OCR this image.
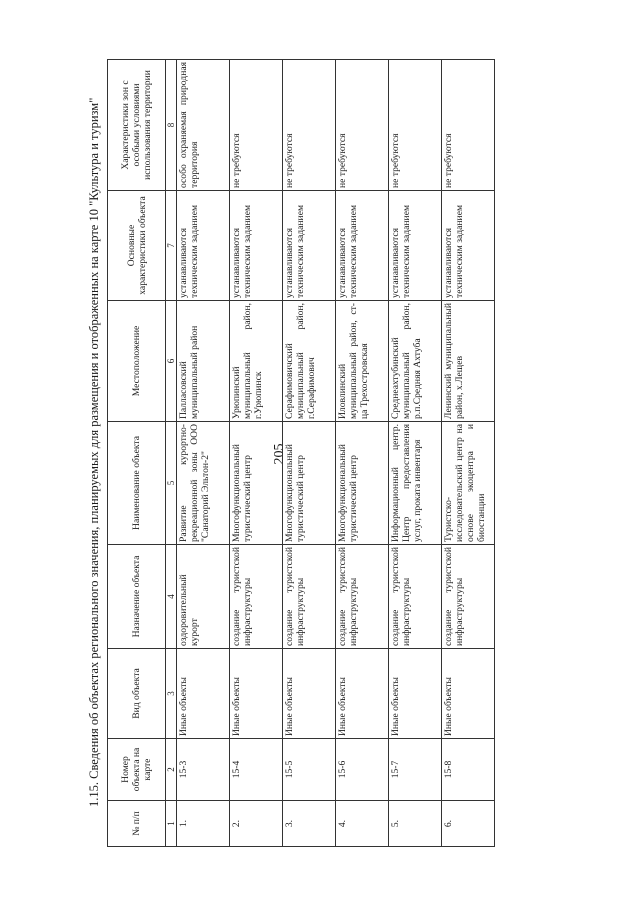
205
1.15. Сведения об объектах регионального значения, планируемых для размещения и отображенных на карте 10 "Культура и туризм"
№ п/п	Номер объекта на карте	Вид объекта	Назначение объекта	Наименование объекта	Местоположение	Основные характеристики объекта	Характеристики зон с особыми условиями использования территории
1	2	3	4	5	6	7	8
1.	15-3	Иные объекты	оздоровительный курорт	Развитие курортно-рекреационной зоны ООО "Санаторий Эльтон-2"	Палласовский муниципальный район	устанавливаются техническим заданием	особо охраняемая природная территория
2.	15-4	Иные объекты	создание туристской инфраструктуры	Многофункциональный туристический центр	Урюпинский муниципальный район, г.Урюпинск	устанавливаются техническим заданием	не требуются
3.	15-5	Иные объекты	создание туристской инфраструктуры	Многофункциональный туристический центр	Серафимовичский муниципальный район, г.Серафимович	устанавливаются техническим заданием	не требуются
4.	15-6	Иные объекты	создание туристской инфраструктуры	Многофункциональный туристический центр	Иловлинский муниципальный район, ст-ца Трехостровская	устанавливаются техническим заданием	не требуются
5.	15-7	Иные объекты	создание туристской инфраструктуры	Информационный центр. Центр предоставления услуг, проката инвентаря	Среднеахтубинский муниципальный район, р.п.Средняя Ахтуба	устанавливаются техническим заданием	не требуются
6.	15-8	Иные объекты	создание туристской инфраструктуры	Туристско-исследовательский центр на основе экоцентра и биостанции	Ленинский муниципальный район, х.Лещев	устанавливаются техническим заданием	не требуются
